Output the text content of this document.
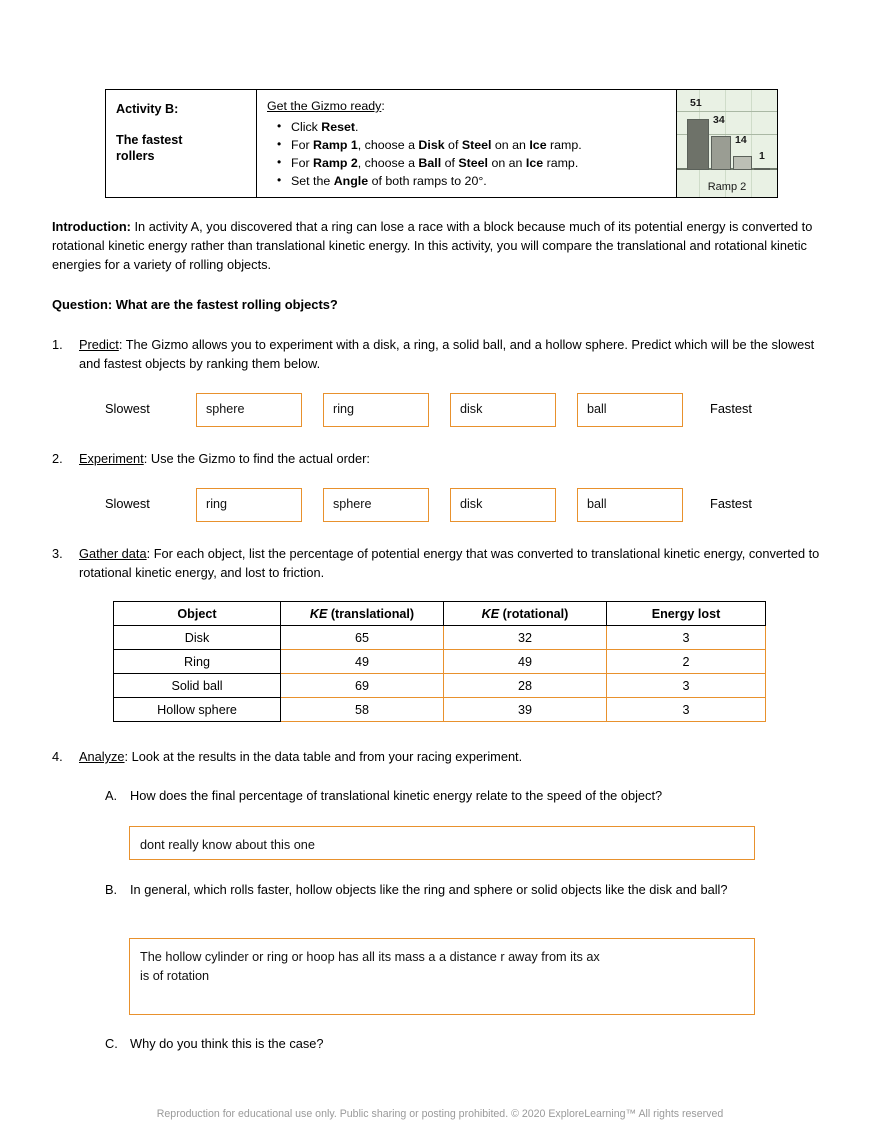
Activity B:
The fastest
rollers

Get the Gizmo ready:
• Click Reset.
• For Ramp 1, choose a Disk of Steel on an Ice ramp.
• For Ramp 2, choose a Ball of Steel on an Ice ramp.
• Set the Angle of both ramps to 20°.

51
34
14
1
Ramp 2
Introduction: In activity A, you discovered that a ring can lose a race with a block because much of its potential energy is converted to rotational kinetic energy rather than translational kinetic energy. In this activity, you will compare the translational and rotational kinetic energies for a variety of rolling objects.
Question: What are the fastest rolling objects?
1.	Predict: The Gizmo allows you to experiment with a disk, a ring, a solid ball, and a hollow sphere. Predict which will be the slowest and fastest objects by ranking them below.
Slowest	sphere	ring	disk	ball	Fastest
2.	Experiment: Use the Gizmo to find the actual order:
Slowest	ring	sphere	disk	ball	Fastest
3.	Gather data: For each object, list the percentage of potential energy that was converted to translational kinetic energy, converted to rotational kinetic energy, and lost to friction.
Object	KE (translational)	KE (rotational)	Energy lost
Disk	65	32	3
Ring	49	49	2
Solid ball	69	28	3
Hollow sphere	58	39	3
4.	Analyze: Look at the results in the data table and from your racing experiment.
A.	How does the final percentage of translational kinetic energy relate to the speed of the object?
dont really know about this one
B.	In general, which rolls faster, hollow objects like the ring and sphere or solid objects like the disk and ball?
The hollow cylinder or ring or hoop has all its mass a a distance r away from its ax
is of rotation
C. Why do you think this is the case?
Reproduction for educational use only. Public sharing or posting prohibited. © 2020 ExploreLearning™ All rights reserved
